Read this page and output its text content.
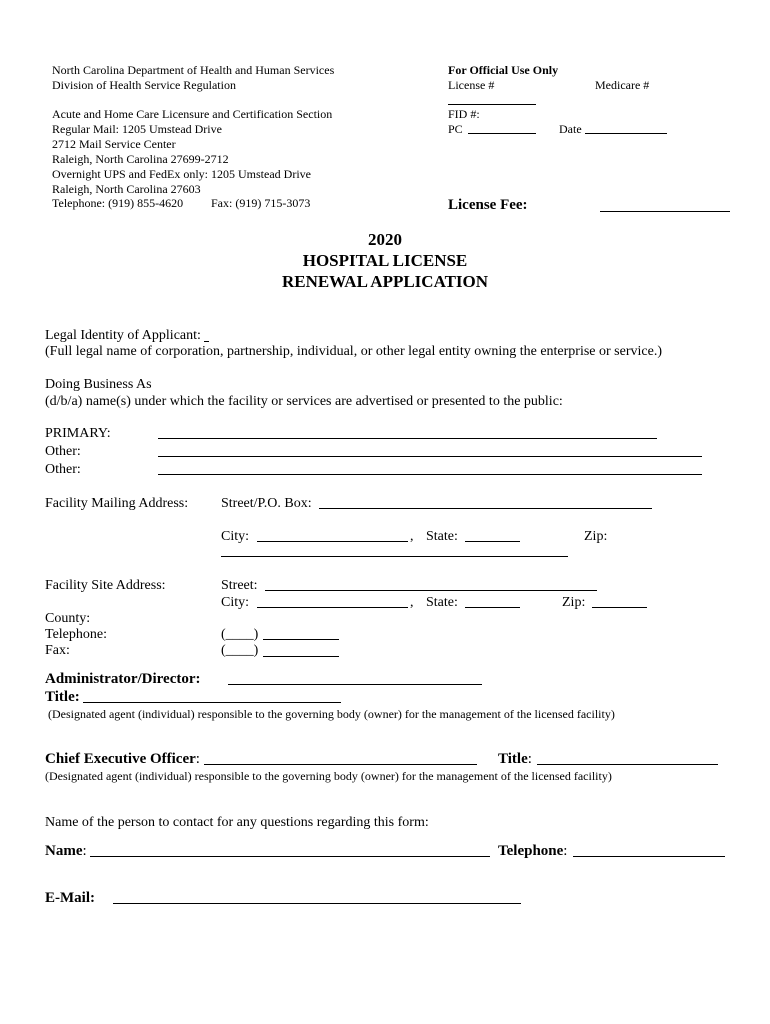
North Carolina Department of Health and Human Services
Division of Health Service Regulation
Acute and Home Care Licensure and Certification Section
Regular Mail: 1205 Umstead Drive
2712 Mail Service Center
Raleigh, North Carolina 27699-2712
Overnight UPS and FedEx only: 1205 Umstead Drive
Raleigh, North Carolina 27603
Telephone: (919) 855-4620 Fax: (919) 715-3073
For Official Use Only
License #	Medicare #
FID #:
PC	Date
License Fee:
2020
HOSPITAL LICENSE
RENEWAL APPLICATION
Legal Identity of Applicant:
(Full legal name of corporation, partnership, individual, or other legal entity owning the enterprise or service.)
Doing Business As
(d/b/a) name(s) under which the facility or services are advertised or presented to the public:
PRIMARY:
Other:
Other:
Facility Mailing Address: Street/P.O. Box:
City:	, State:	Zip:
Facility Site Address:	Street:
City:	, State:	Zip:
County:
Telephone:	(____)
Fax:	(____)
Administrator/Director:
Title:
(Designated agent (individual) responsible to the governing body (owner) for the management of the licensed facility)
Chief Executive Officer:	Title:
(Designated agent (individual) responsible to the governing body (owner) for the management of the licensed facility)
Name of the person to contact for any questions regarding this form:
Name:	Telephone:
E-Mail:
